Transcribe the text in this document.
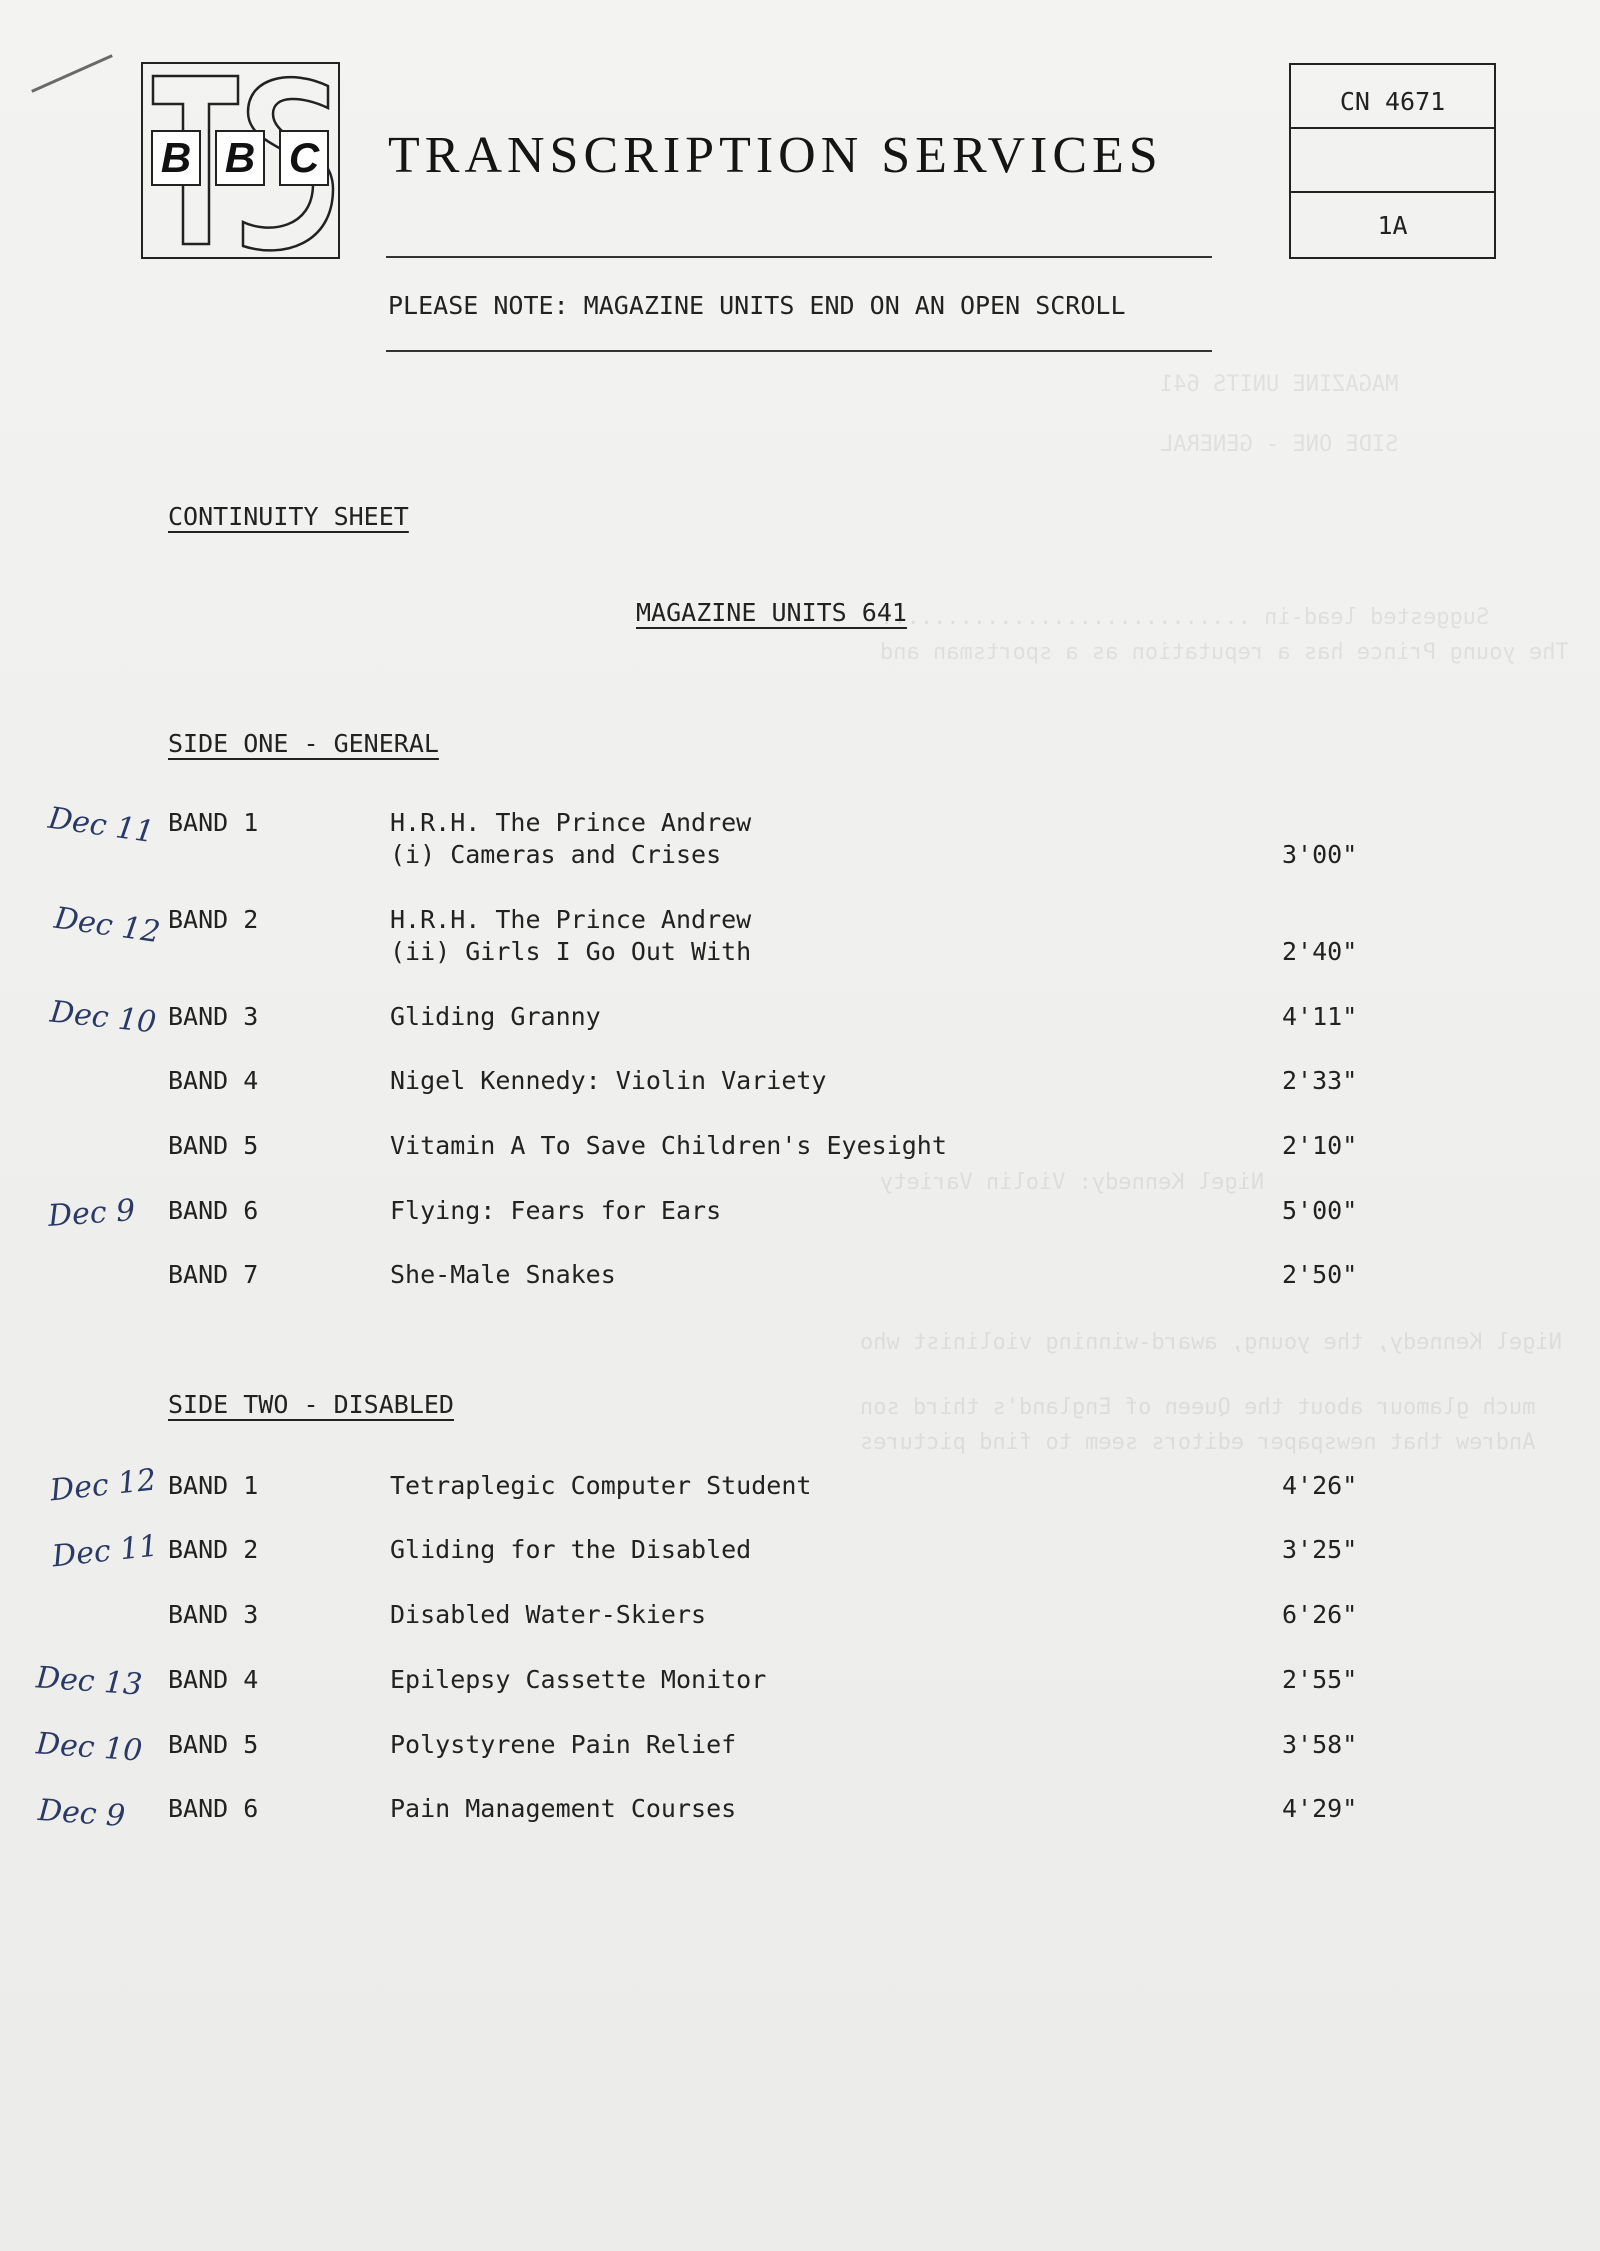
MAGAZINE UNITS 641
SIDE ONE - GENERAL
Suggested lead-in ............................
The young Prince has a reputation as a sportsman and
Nigel Kennedy: Violin Variety
Nigel Kennedy, the young, award-winning violinist who
much glamour about the Queen of England's third son
Andrew that newspaper editors seem to find pictures
B B C TRANSCRIPTION SERVICES
PLEASE NOTE: MAGAZINE UNITS END ON AN OPEN SCROLL
CN 4671
1A
CONTINUITY SHEET
MAGAZINE UNITS 641
SIDE ONE - GENERAL
Dec 11 BAND 1	H.R.H. The Prince Andrew
(i) Cameras and Crises	3'00"
Dec 12 BAND 2	H.R.H. The Prince Andrew
(ii) Girls I Go Out With	2'40"
Dec 10 BAND 3	Gliding Granny	4'11"
BAND 4	Nigel Kennedy: Violin Variety	2'33"
BAND 5	Vitamin A To Save Children's Eyesight	2'10"
Dec 9 BAND 6	Flying: Fears for Ears	5'00"
BAND 7	She-Male Snakes	2'50"
SIDE TWO - DISABLED
Dec 12 BAND 1	Tetraplegic Computer Student	4'26"
Dec 11 BAND 2	Gliding for the Disabled	3'25"
BAND 3	Disabled Water-Skiers	6'26"
Dec 13 BAND 4	Epilepsy Cassette Monitor	2'55"
Dec 10 BAND 5	Polystyrene Pain Relief	3'58"
Dec 9 BAND 6	Pain Management Courses	4'29"
